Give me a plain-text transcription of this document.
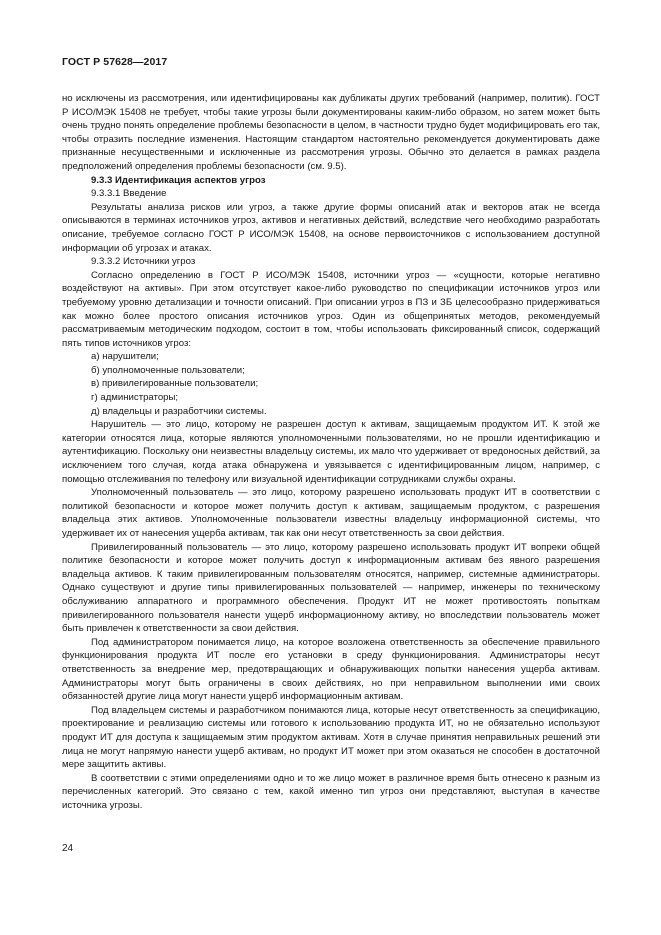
ГОСТ Р 57628—2017

но исключены из рассмотрения, или идентифицированы как дубликаты других требований (например, политик). ГОСТ Р ИСО/МЭК 15408 не требует, чтобы такие угрозы были документированы каким-либо образом, но затем может быть очень трудно понять определение проблемы безопасности в целом, в частности трудно будет модифицировать его так, чтобы отразить последние изменения. Настоящим стандартом настоятельно рекомендуется документировать даже признанные несущественными и исключенные из рассмотрения угрозы. Обычно это делается в рамках раздела предположений определения проблемы безопасности (см. 9.5).

9.3.3 Идентификация аспектов угроз

9.3.3.1 Введение

Результаты анализа рисков или угроз, а также другие формы описаний атак и векторов атак не всегда описываются в терминах источников угроз, активов и негативных действий, вследствие чего необходимо разработать описание, требуемое согласно ГОСТ Р ИСО/МЭК 15408, на основе первоисточников с использованием доступной информации об угрозах и атаках.

9.3.3.2 Источники угроз

Согласно определению в ГОСТ Р ИСО/МЭК 15408, источники угроз — «сущности, которые негативно воздействуют на активы». При этом отсутствует какое-либо руководство по спецификации источников угроз или требуемому уровню детализации и точности описаний. При описании угроз в ПЗ и ЗБ целесообразно придерживаться как можно более простого описания источников угроз. Один из общепринятых методов, рекомендуемый рассматриваемым методическим подходом, состоит в том, чтобы использовать фиксированный список, содержащий пять типов источников угроз:

а) нарушители;

б) уполномоченные пользователи;

в) привилегированные пользователи;

г) администраторы;

д) владельцы и разработчики системы.

Нарушитель — это лицо, которому не разрешен доступ к активам, защищаемым продуктом ИТ. К этой же категории относятся лица, которые являются уполномоченными пользователями, но не прошли идентификацию и аутентификацию. Поскольку они неизвестны владельцу системы, их мало что удерживает от вредоносных действий, за исключением того случая, когда атака обнаружена и увязывается с идентифицированным лицом, например, с помощью отслеживания по телефону или визуальной идентификации сотрудниками службы охраны.

Уполномоченный пользователь — это лицо, которому разрешено использовать продукт ИТ в соответствии с политикой безопасности и которое может получить доступ к активам, защищаемым продуктом, с разрешения владельца этих активов. Уполномоченные пользователи известны владельцу информационной системы, что удерживает их от нанесения ущерба активам, так как они несут ответственность за свои действия.

Привилегированный пользователь — это лицо, которому разрешено использовать продукт ИТ вопреки общей политике безопасности и которое может получить доступ к информационным активам без явного разрешения владельца активов. К таким привилегированным пользователям относятся, например, системные администраторы. Однако существуют и другие типы привилегированных пользователей — например, инженеры по техническому обслуживанию аппаратного и программного обеспечения. Продукт ИТ не может противостоять попыткам привилегированного пользователя нанести ущерб информационному активу, но впоследствии пользователь может быть привлечен к ответственности за свои действия.

Под администратором понимается лицо, на которое возложена ответственность за обеспечение правильного функционирования продукта ИТ после его установки в среду функционирования. Администраторы несут ответственность за внедрение мер, предотвращающих и обнаруживающих попытки нанесения ущерба активам. Администраторы могут быть ограничены в своих действиях, но при неправильном выполнении ими своих обязанностей другие лица могут нанести ущерб информационным активам.

Под владельцем системы и разработчиком понимаются лица, которые несут ответственность за спецификацию, проектирование и реализацию системы или готового к использованию продукта ИТ, но не обязательно используют продукт ИТ для доступа к защищаемым этим продуктом активам. Хотя в случае принятия неправильных решений эти лица не могут напрямую нанести ущерб активам, но продукт ИТ может при этом оказаться не способен в достаточной мере защитить активы.

В соответствии с этими определениями одно и то же лицо может в различное время быть отнесено к разным из перечисленных категорий. Это связано с тем, какой именно тип угроз они представляют, выступая в качестве источника угрозы.

24
